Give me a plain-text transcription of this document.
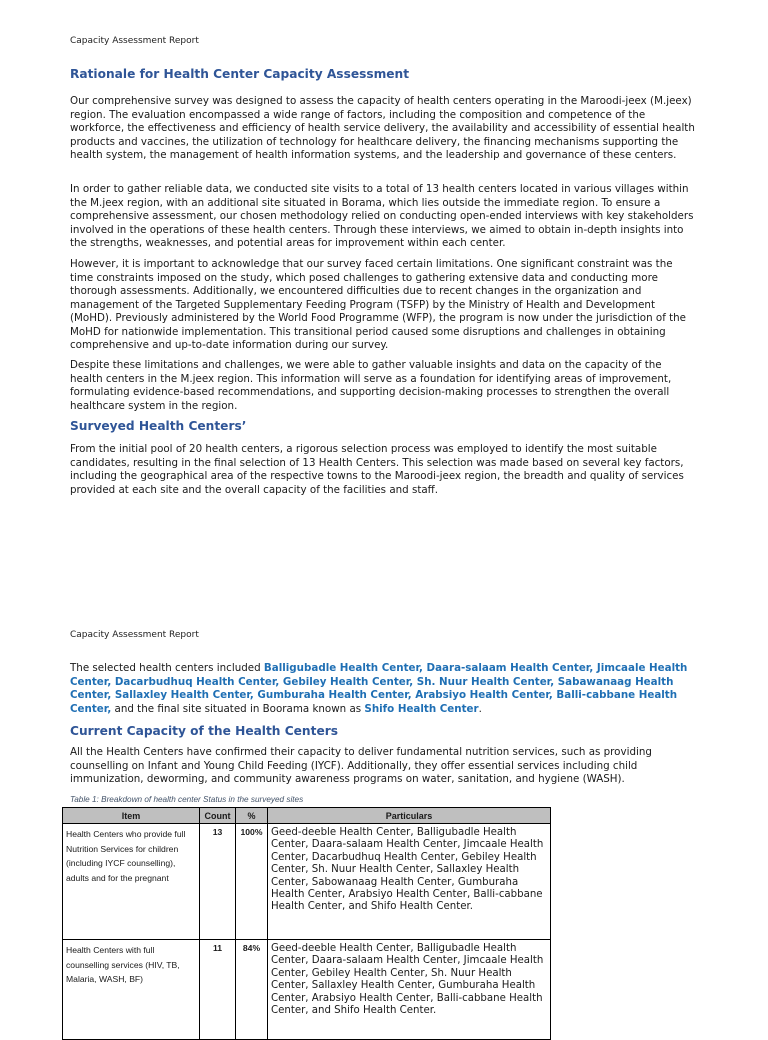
Capacity Assessment Report
Rationale for Health Center Capacity Assessment

Our comprehensive survey was designed to assess the capacity of health centers operating in the Maroodi-jeex (M.jeex) region. The evaluation encompassed a wide range of factors, including the composition and competence of the workforce, the effectiveness and efficiency of health service delivery, the availability and accessibility of essential health products and vaccines, the utilization of technology for healthcare delivery, the financing mechanisms supporting the health system, the management of health information systems, and the leadership and governance of these centers.

In order to gather reliable data, we conducted site visits to a total of 13 health centers located in various villages within the M.jeex region, with an additional site situated in Borama, which lies outside the immediate region. To ensure a comprehensive assessment, our chosen methodology relied on conducting open-ended interviews with key stakeholders involved in the operations of these health centers. Through these interviews, we aimed to obtain in-depth insights into the strengths, weaknesses, and potential areas for improvement within each center.

However, it is important to acknowledge that our survey faced certain limitations. One significant constraint was the time constraints imposed on the study, which posed challenges to gathering extensive data and conducting more thorough assessments. Additionally, we encountered difficulties due to recent changes in the organization and management of the Targeted Supplementary Feeding Program (TSFP) by the Ministry of Health and Development (MoHD). Previously administered by the World Food Programme (WFP), the program is now under the jurisdiction of the MoHD for nationwide implementation. This transitional period caused some disruptions and challenges in obtaining comprehensive and up-to-date information during our survey.

Despite these limitations and challenges, we were able to gather valuable insights and data on the capacity of the health centers in the M.jeex region. This information will serve as a foundation for identifying areas of improvement, formulating evidence-based recommendations, and supporting decision-making processes to strengthen the overall healthcare system in the region.

Surveyed Health Centers’

From the initial pool of 20 health centers, a rigorous selection process was employed to identify the most suitable candidates, resulting in the final selection of 13 Health Centers. This selection was made based on several key factors, including the geographical area of the respective towns to the Maroodi-jeex region, the breadth and quality of services provided at each site and the overall capacity of the facilities and staff.

Capacity Assessment Report

The selected health centers included Balligubadle Health Center, Daara-salaam Health Center, Jimcaale Health Center, Dacarbudhuq Health Center, Gebiley Health Center, Sh. Nuur Health Center, Sabawanaag Health Center, Sallaxley Health Center, Gumburaha Health Center, Arabsiyo Health Center, Balli-cabbane Health Center, and the final site situated in Boorama known as Shifo Health Center.

Current Capacity of the Health Centers

All the Health Centers have confirmed their capacity to deliver fundamental nutrition services, such as providing counselling on Infant and Young Child Feeding (IYCF). Additionally, they offer essential services including child immunization, deworming, and community awareness programs on water, sanitation, and hygiene (WASH).

Table 1: Breakdown of health center Status in the surveyed sites

Item	Count	%	Particulars
Health Centers who provide full Nutrition Services for children (including IYCF counselling), adults and for the pregnant	13	100%	Geed-deeble Health Center, Balligubadle Health Center, Daara-salaam Health Center, Jimcaale Health Center, Dacarbudhuq Health Center, Gebiley Health Center, Sh. Nuur Health Center, Sallaxley Health Center, Sabowanaag Health Center, Gumburaha Health Center, Arabsiyo Health Center, Balli-cabbane Health Center, and Shifo Health Center.
Health Centers with full counselling services (HIV, TB, Malaria, WASH, BF)	11	84%	Geed-deeble Health Center, Balligubadle Health Center, Daara-salaam Health Center, Jimcaale Health Center, Gebiley Health Center, Sh. Nuur Health Center, Sallaxley Health Center, Gumburaha Health Center, Arabsiyo Health Center, Balli-cabbane Health Center, and Shifo Health Center.
